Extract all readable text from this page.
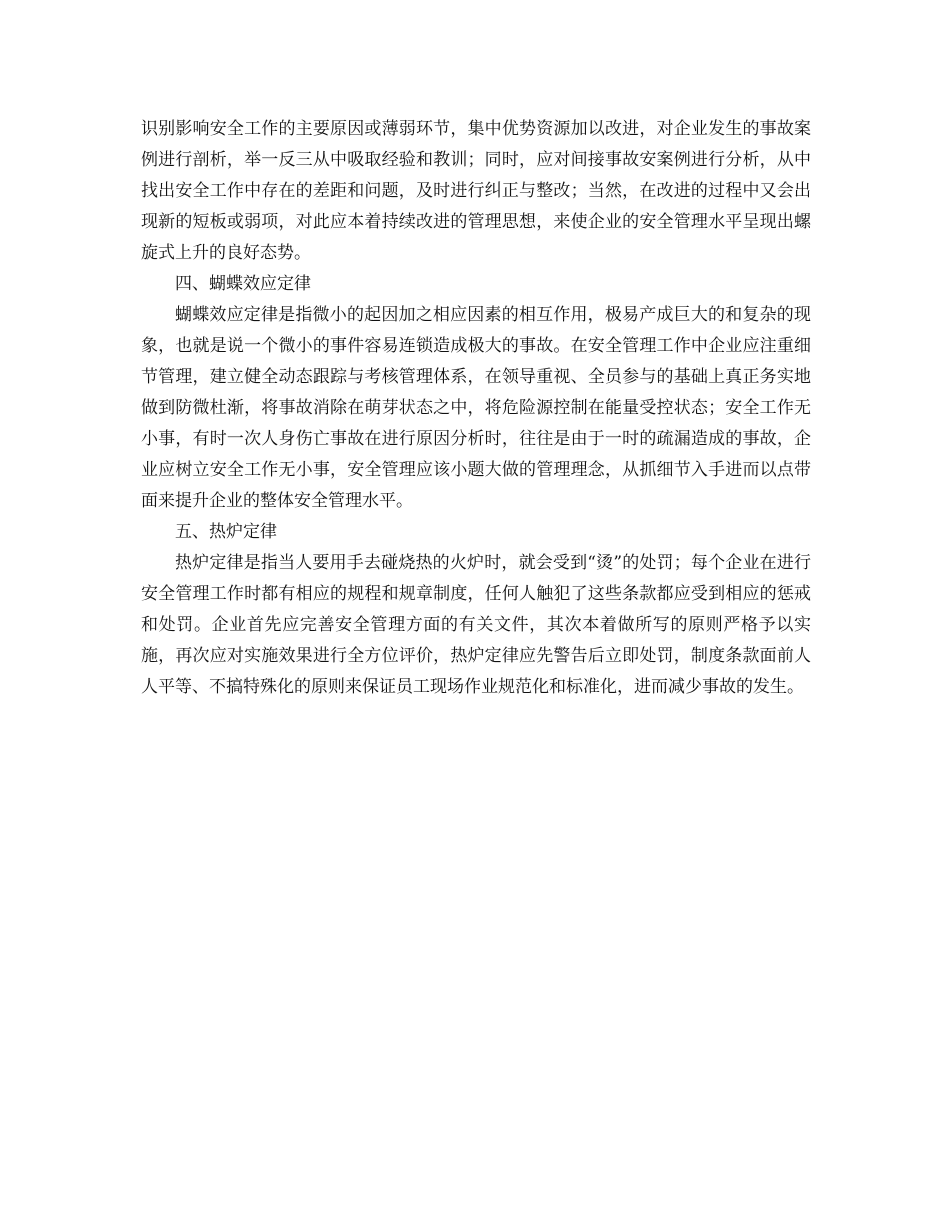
识别影响安全工作的主要原因或薄弱环节，集中优势资源加以改进，对企业发生的事故案例进行剖析，举一反三从中吸取经验和教训；同时，应对间接事故安案例进行分析，从中找出安全工作中存在的差距和问题，及时进行纠正与整改；当然，在改进的过程中又会出现新的短板或弱项，对此应本着持续改进的管理思想，来使企业的安全管理水平呈现出螺旋式上升的良好态势。

四、蝴蝶效应定律

蝴蝶效应定律是指微小的起因加之相应因素的相互作用，极易产成巨大的和复杂的现象，也就是说一个微小的事件容易连锁造成极大的事故。在安全管理工作中企业应注重细节管理，建立健全动态跟踪与考核管理体系，在领导重视、全员参与的基础上真正务实地做到防微杜渐，将事故消除在萌芽状态之中，将危险源控制在能量受控状态；安全工作无小事，有时一次人身伤亡事故在进行原因分析时，往往是由于一时的疏漏造成的事故，企业应树立安全工作无小事，安全管理应该小题大做的管理理念，从抓细节入手进而以点带面来提升企业的整体安全管理水平。

五、热炉定律

热炉定律是指当人要用手去碰烧热的火炉时，就会受到“烫”的处罚；每个企业在进行安全管理工作时都有相应的规程和规章制度，任何人触犯了这些条款都应受到相应的惩戒和处罚。企业首先应完善安全管理方面的有关文件，其次本着做所写的原则严格予以实施，再次应对实施效果进行全方位评价，热炉定律应先警告后立即处罚，制度条款面前人人平等、不搞特殊化的原则来保证员工现场作业规范化和标准化，进而减少事故的发生。
